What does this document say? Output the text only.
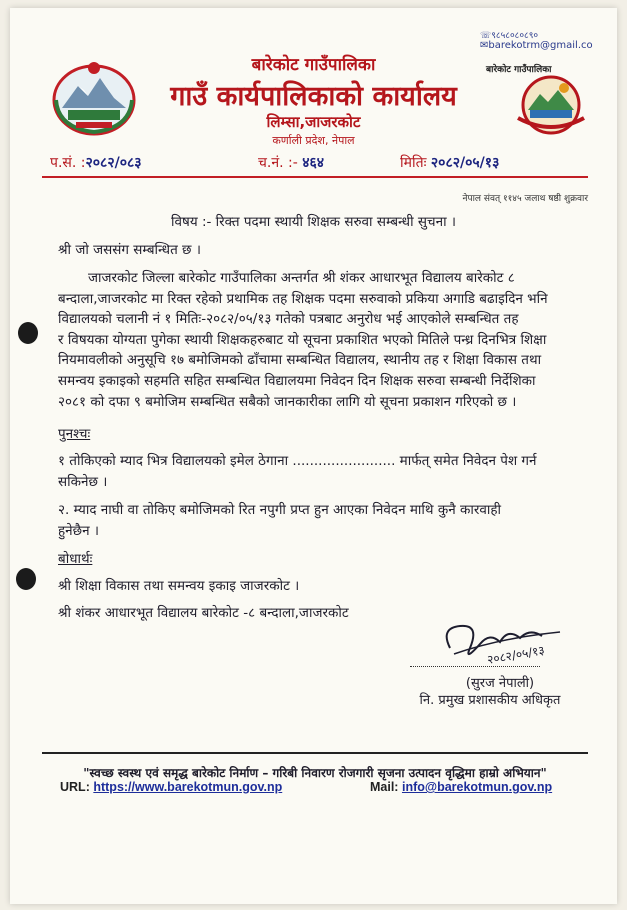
बारेकोट गाउँपालिका
☏९८५८०८०८९०
✉barekotrm@gmail.co
बारेकोट गाउँपालिका
गाउँ कार्यपालिकाको कार्यालय
लिम्सा,जाजरकोट
कर्णाली प्रदेश, नेपाल
प.सं. :२०८२/०८३	च.नं. :- ४६४	मितिः २०८२/०५/१३
नेपाल संवत् ११४५ जलाथ षष्ठी शुक्रवार
विषय :- रिक्त पदमा स्थायी शिक्षक सरुवा सम्बन्धी सुचना ।
श्री जो जससंग सम्बन्धित छ ।
जाजरकोट जिल्ला बारेकोट गाउँपालिका अन्तर्गत श्री शंकर आधारभूत विद्यालय बारेकोट ८
बन्दाला,जाजरकोट मा रिक्त रहेको प्रथामिक तह शिक्षक पदमा सरुवाको प्रकिया अगाडि बढाइदिन भनि
विद्यालयको चलानी नं १ मितिः-२०८२/०५/१३ गतेको पत्रबाट अनुरोध भई आएकोले सम्बन्धित तह
र विषयका योग्यता पुगेका स्थायी शिक्षकहरुबाट यो सूचना प्रकाशित भएको मितिले पन्ध्र दिनभित्र शिक्षा
नियमावलीको अनुसूचि १७ बमोजिमको ढाँचामा सम्बन्धित विद्यालय, स्थानीय तह र शिक्षा विकास तथा
समन्वय इकाइको सहमति सहित सम्बन्धित विद्यालयमा निवेदन दिन शिक्षक सरुवा सम्बन्धी निर्देशिका
२०८१ को दफा ९ बमोजिम सम्बन्धित सबैको जानकारीका लागि यो सूचना प्रकाशन गरिएको छ ।
पुनश्चः
१ तोकिएको म्याद भित्र विद्यालयको इमेल ठेगाना ........................ मार्फत् समेत निवेदन पेश गर्न
सकिनेछ ।
२. म्याद नाघी वा तोकिए बमोजिमको रित नपुगी प्रप्त हुन आएका निवेदन माथि कुनै कारवाही
हुनेछैन ।
बोधार्थः
श्री शिक्षा विकास तथा समन्वय इकाइ जाजरकोट ।
श्री शंकर आधारभूत विद्यालय बारेकोट -८ बन्दाला,जाजरकोट
२०८२/०५/१३
(सुरज नेपाली)
नि. प्रमुख प्रशासकीय अधिकृत
"स्वच्छ स्वस्थ एवं समृद्ध बारेकोट निर्माण – गरिबी निवारण रोजगारी सृजना उत्पादन वृद्धिमा हाम्रो अभियान"
URL: https://www.barekotmun.gov.np	Mail: info@barekotmun.gov.np
